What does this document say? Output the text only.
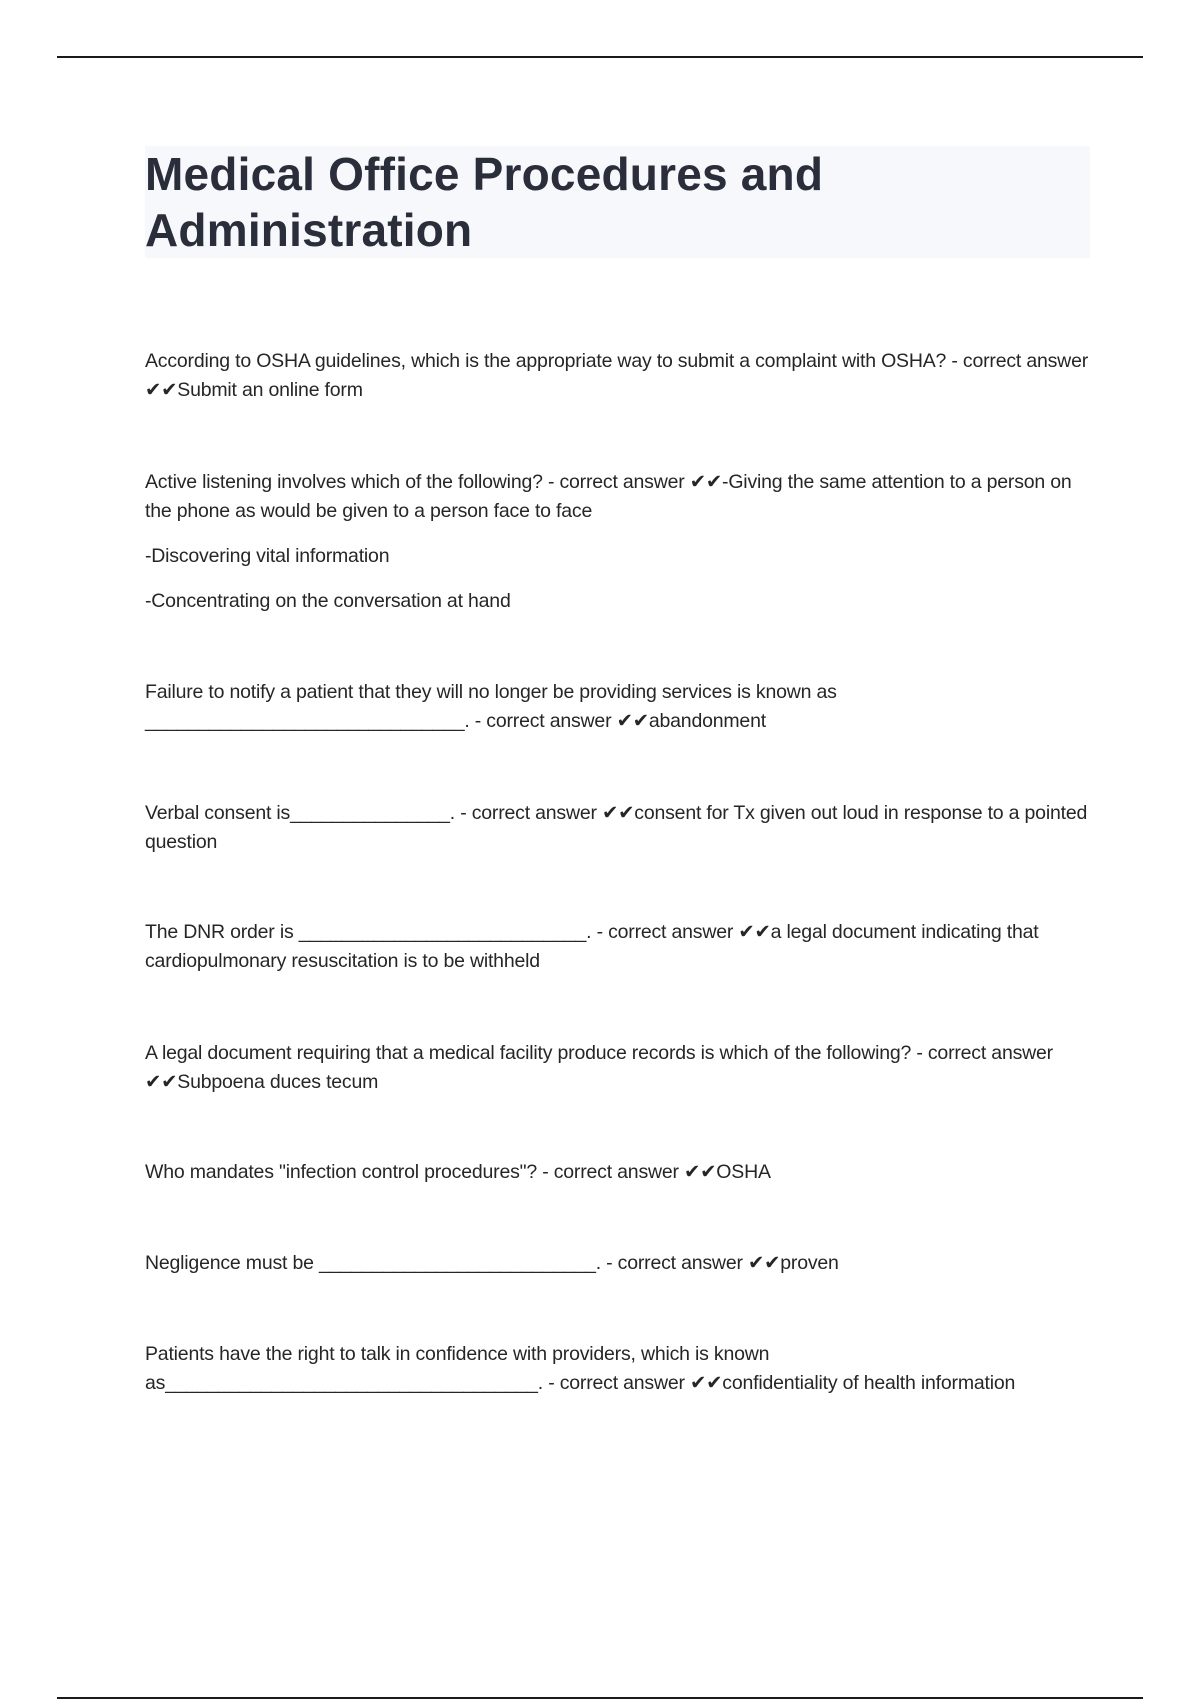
Medical Office Procedures and
Administration

According to OSHA guidelines, which is the appropriate way to submit a complaint with OSHA? - correct answer ✔✔Submit an online form

Active listening involves which of the following? - correct answer ✔✔-Giving the same attention to a person on the phone as would be given to a person face to face

-Discovering vital information

-Concentrating on the conversation at hand

Failure to notify a patient that they will no longer be providing services is known as ______________________________. - correct answer ✔✔abandonment

Verbal consent is_______________. - correct answer ✔✔consent for Tx given out loud in response to a pointed question

The DNR order is ___________________________. - correct answer ✔✔a legal document indicating that cardiopulmonary resuscitation is to be withheld

A legal document requiring that a medical facility produce records is which of the following? - correct answer ✔✔Subpoena duces tecum

Who mandates "infection control procedures"? - correct answer ✔✔OSHA

Negligence must be __________________________. - correct answer ✔✔proven

Patients have the right to talk in confidence with providers, which is known as___________________________________. - correct answer ✔✔confidentiality of health information
